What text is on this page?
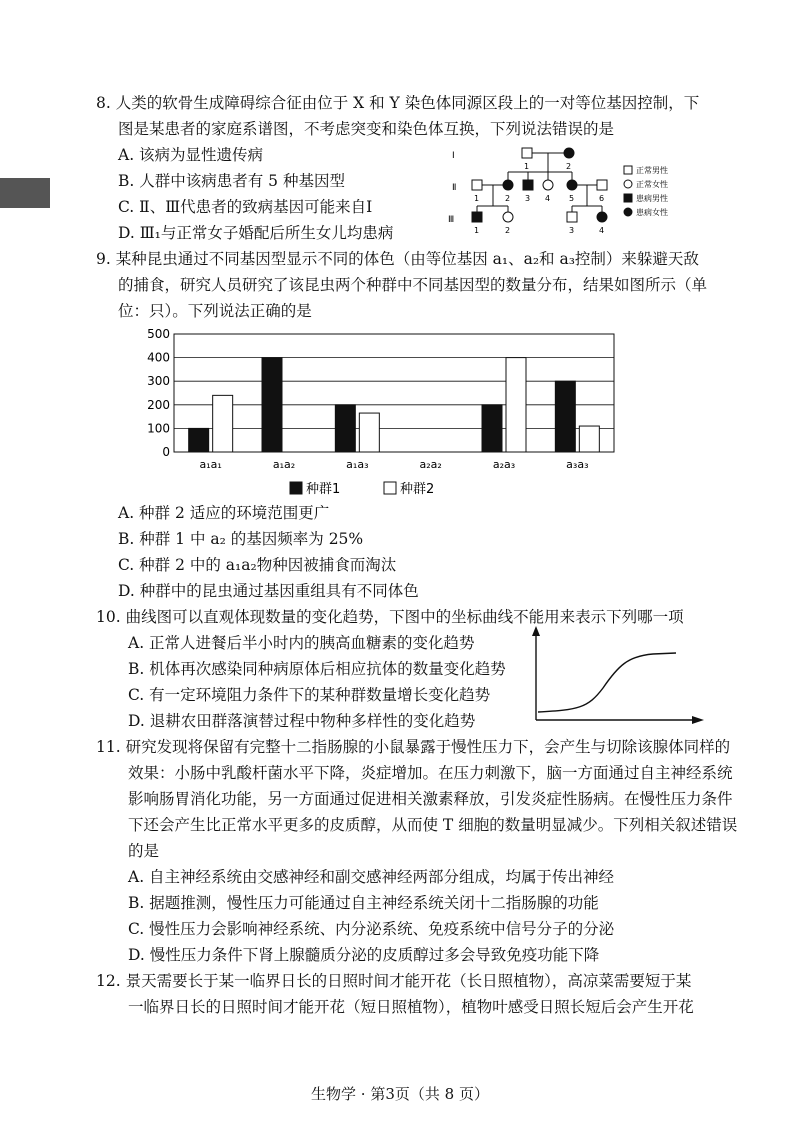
8. 人类的软骨生成障碍综合征由位于 X 和 Y 染色体同源区段上的一对等位基因控制，下
图是某患者的家庭系谱图，不考虑突变和染色体互换，下列说法错误的是
A. 该病为显性遗传病
B. 人群中该病患者有 5 种基因型
C. Ⅱ、Ⅲ代患者的致病基因可能来自Ⅰ
D. Ⅲ₁与正常女子婚配后所生女儿均患病
Ⅰ
Ⅱ
Ⅲ
1	2
1	2 3 4 5	6
1	2	3	4
正常男性
正常女性
患病男性
患病女性
9. 某种昆虫通过不同基因型显示不同的体色（由等位基因 a₁、a₂和 a₃控制）来躲避天敌
的捕食，研究人员研究了该昆虫两个种群中不同基因型的数量分布，结果如图所示（单
位：只）。下列说法正确的是
0
100
200
300
400
500
a₁a₁	a₁a₂	a₁a₃	a₂a₂	a₂a₃	a₃a₃
种群1	种群2
A. 种群 2 适应的环境范围更广
B. 种群 1 中 a₂ 的基因频率为 25%
C. 种群 2 中的 a₁a₂物种因被捕食而淘汰
D. 种群中的昆虫通过基因重组具有不同体色
10. 曲线图可以直观体现数量的变化趋势，下图中的坐标曲线不能用来表示下列哪一项
A. 正常人进餐后半小时内的胰高血糖素的变化趋势
B. 机体再次感染同种病原体后相应抗体的数量变化趋势
C. 有一定环境阻力条件下的某种群数量增长变化趋势
D. 退耕农田群落演替过程中物种多样性的变化趋势
11. 研究发现将保留有完整十二指肠腺的小鼠暴露于慢性压力下，会产生与切除该腺体同样的
效果：小肠中乳酸杆菌水平下降，炎症增加。在压力刺激下，脑一方面通过自主神经系统
影响肠胃消化功能，另一方面通过促进相关激素释放，引发炎症性肠病。在慢性压力条件
下还会产生比正常水平更多的皮质醇，从而使 T 细胞的数量明显减少。下列相关叙述错误
的是
A. 自主神经系统由交感神经和副交感神经两部分组成，均属于传出神经
B. 据题推测，慢性压力可能通过自主神经系统关闭十二指肠腺的功能
C. 慢性压力会影响神经系统、内分泌系统、免疫系统中信号分子的分泌
D. 慢性压力条件下肾上腺髓质分泌的皮质醇过多会导致免疫功能下降
12. 景天需要长于某一临界日长的日照时间才能开花（长日照植物），高凉菜需要短于某
一临界日长的日照时间才能开花（短日照植物），植物叶感受日照长短后会产生开花
生物学 · 第3页（共 8 页）
